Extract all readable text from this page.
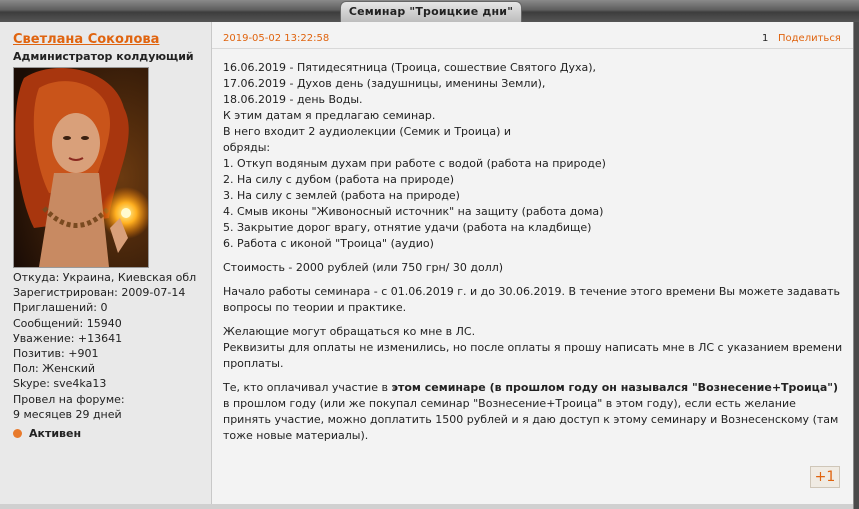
Семинар "Троицкие дни"
Светлана Соколова
Администратор колдующий
Откуда: Украина, Киевская обл
Зарегистрирован: 2009-07-14
Приглашений: 0
Сообщений: 15940
Уважение: +13641
Позитив: +901
Пол: Женский
Skype: sve4ka13
Провел на форуме:
9 месяцев 29 дней
Активен
2019-05-02 13:22:58	1 Поделиться

16.06.2019 - Пятидесятница (Троица, сошествие Святого Духа),
17.06.2019 - Духов день (задушницы, именины Земли),
18.06.2019 - день Воды.
К этим датам я предлагаю семинар.
В него входит 2 аудиолекции (Семик и Троица) и
обряды:
1. Откуп водяным духам при работе с водой (работа на природе)
2. На силу с дубом (работа на природе)
3. На силу с землей (работа на природе)
4. Смыв иконы "Живоносный источник" на защиту (работа дома)
5. Закрытие дорог врагу, отнятие удачи (работа на кладбище)
6. Работа с иконой "Троица" (аудио)

Стоимость - 2000 рублей (или 750 грн/ 30 долл)

Начало работы семинара - с 01.06.2019 г. и до 30.06.2019. В течение этого времени Вы можете задавать вопросы по теории и практике.

Желающие могут обращаться ко мне в ЛС.
Реквизиты для оплаты не изменились, но после оплаты я прошу написать мне в ЛС с указанием времени проплаты.

Те, кто оплачивал участие в этом семинаре (в прошлом году он назывался "Вознесение+Троица") в прошлом году (или же покупал семинар "Вознесение+Троица" в этом году), если есть желание принять участие, можно доплатить 1500 рублей и я даю доступ к этому семинару и Вознесенскому (там тоже новые материалы).

+1
